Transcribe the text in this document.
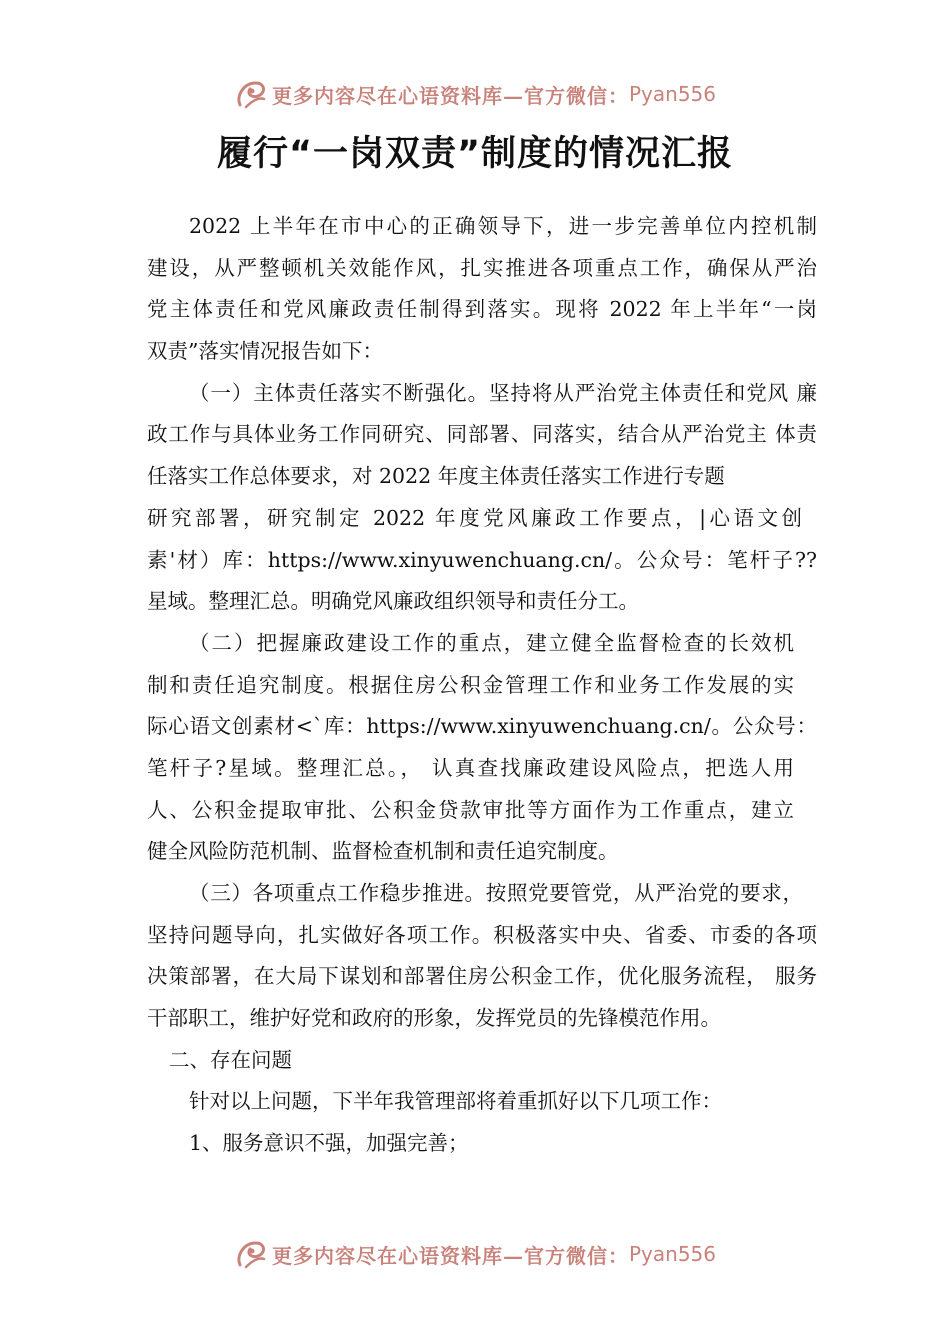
更多内容尽在心语资料库—官方微信： Pyan556
履行“一岗双责”制度的情况汇报

2022 上半年在市中心的正确领导下，进一步完善单位内控机制
建设，从严整顿机关效能作风，扎实推进各项重点工作，确保从严治
党主体责任和党风廉政责任制得到落实。现将 2022 年上半年“一岗
双责”落实情况报告如下：

（一）主体责任落实不断强化。坚持将从严治党主体责任和党风 廉
政工作与具体业务工作同研究、同部署、同落实，结合从严治党主 体责
任落实工作总体要求，对 2022 年度主体责任落实工作进行专题
研究部署，研究制定 2022 年度党风廉政工作要点，|心语文创
素'材）库：https://www.xinyuwenchuang.cn/。公众号：笔杆子??
星域。整理汇总。明确党风廉政组织领导和责任分工。

（二）把握廉政建设工作的重点，建立健全监督检查的长效机
制和责任追究制度。根据住房公积金管理工作和业务工作发展的实
际心语文创素材<`库：https://www.xinyuwenchuang.cn/。公众号：
笔杆子?星域。整理汇总。， 认真查找廉政建设风险点，把选人用
人、公积金提取审批、公积金贷款审批等方面作为工作重点，建立
健全风险防范机制、监督检查机制和责任追究制度。

（三）各项重点工作稳步推进。按照党要管党，从严治党的要求，
坚持问题导向，扎实做好各项工作。积极落实中央、省委、市委的各项
决策部署，在大局下谋划和部署住房公积金工作，优化服务流程， 服务
干部职工，维护好党和政府的形象，发挥党员的先锋模范作用。

二、存在问题

针对以上问题，下半年我管理部将着重抓好以下几项工作：

1、服务意识不强，加强完善；

更多内容尽在心语资料库—官方微信： Pyan556
